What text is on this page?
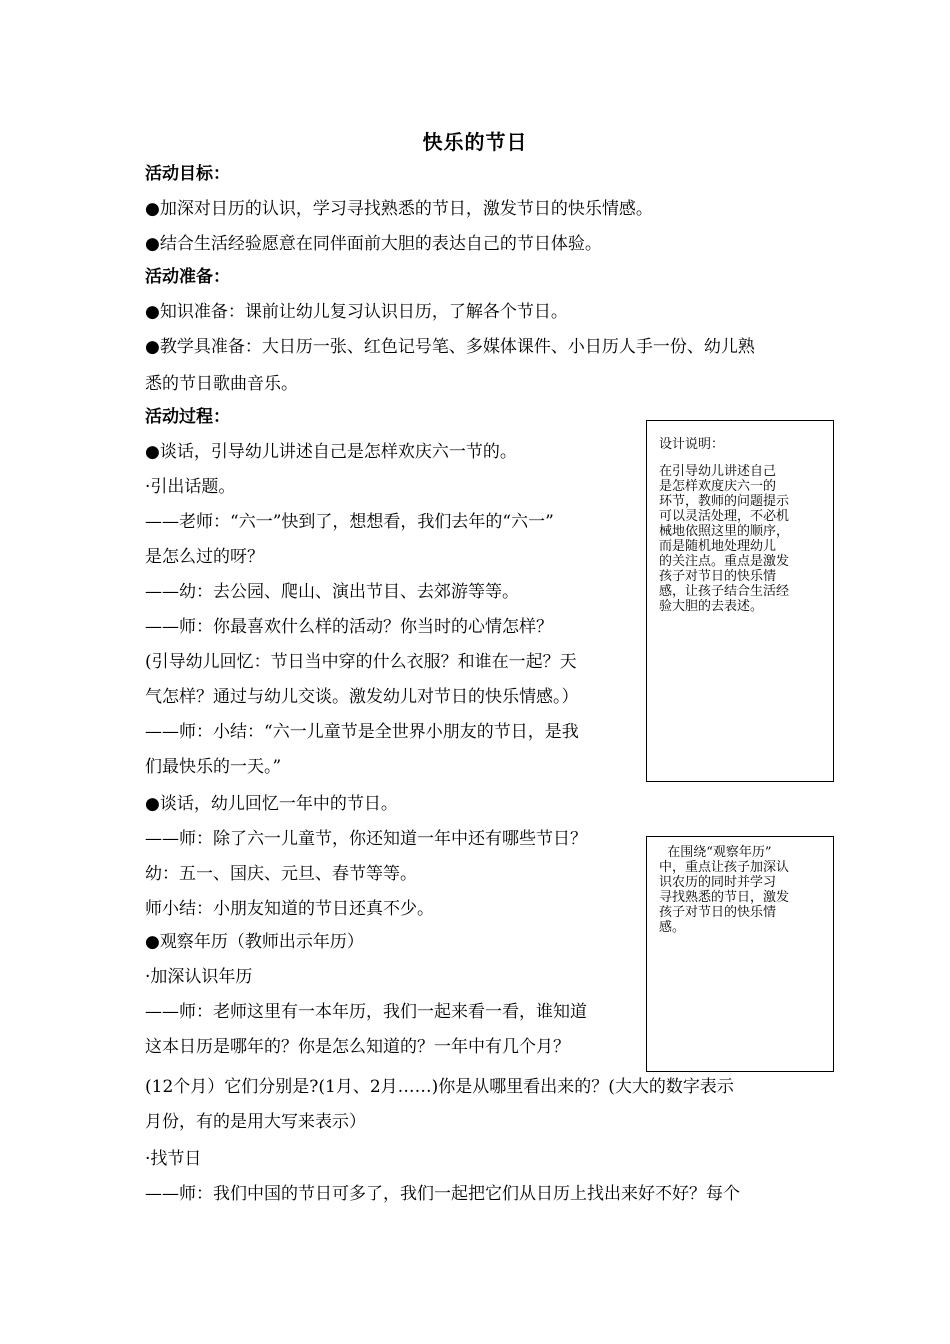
快乐的节日
活动目标：
●加深对日历的认识，学习寻找熟悉的节日，激发节日的快乐情感。
●结合生活经验愿意在同伴面前大胆的表达自己的节日体验。
活动准备：
●知识准备：课前让幼儿复习认识日历，了解各个节日。
●教学具准备：大日历一张、红色记号笔、多媒体课件、小日历人手一份、幼儿熟
悉的节日歌曲音乐。
活动过程：
●谈话，引导幼儿讲述自己是怎样欢庆六一节的。
·引出话题。
——老师：“六一”快到了，想想看，我们去年的“六一”
是怎么过的呀？
——幼：去公园、爬山、演出节目、去郊游等等。
——师：你最喜欢什么样的活动？你当时的心情怎样？
(引导幼儿回忆：节日当中穿的什么衣服？和谁在一起？天
气怎样？通过与幼儿交谈。激发幼儿对节日的快乐情感。）
——师：小结：“六一儿童节是全世界小朋友的节日，是我
们最快乐的一天。”
●谈话，幼儿回忆一年中的节日。
——师：除了六一儿童节，你还知道一年中还有哪些节日？
幼：五一、国庆、元旦、春节等等。
师小结：小朋友知道的节日还真不少。
●观察年历（教师出示年历）
·加深认识年历
——师：老师这里有一本年历，我们一起来看一看，谁知道
这本日历是哪年的？你是怎么知道的？一年中有几个月？
(12个月）它们分别是?(1月、2月……)你是从哪里看出来的？(大大的数字表示
月份，有的是用大写来表示）
·找节日
——师：我们中国的节日可多了，我们一起把它们从日历上找出来好不好？每个

设计说明：

在引导幼儿讲述自己

是怎样欢度庆六一的

环节，教师的问题提示

可以灵活处理，不必机

械地依照这里的顺序，

而是随机地处理幼儿

的关注点。重点是激发

孩子对节日的快乐情

感，让孩子结合生活经

验大胆的去表述。

在围绕“观察年历”

中，重点让孩子加深认

识农历的同时并学习

寻找熟悉的节日，激发

孩子对节日的快乐情

感。
